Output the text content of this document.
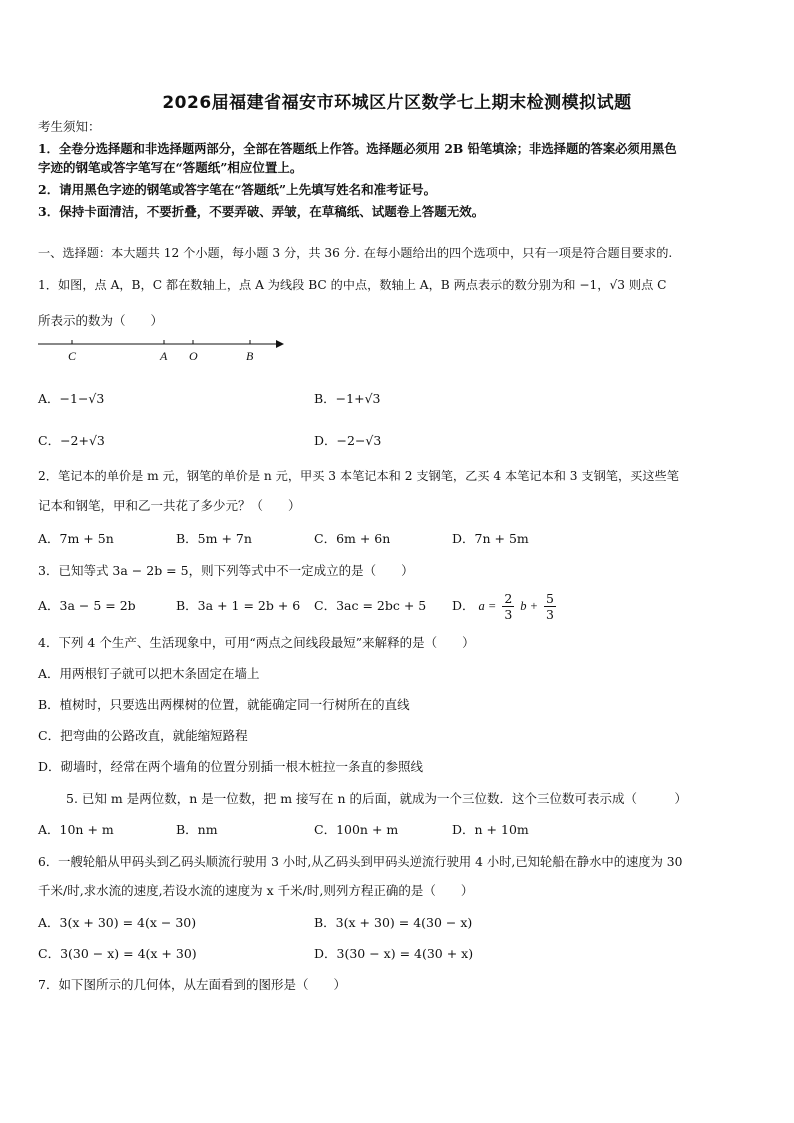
2026届福建省福安市环城区片区数学七上期末检测模拟试题
考生须知：
1．全卷分选择题和非选择题两部分，全部在答题纸上作答。选择题必须用 2B 铅笔填涂；非选择题的答案必须用黑色
字迹的钢笔或答字笔写在“答题纸”相应位置上。
2．请用黑色字迹的钢笔或答字笔在“答题纸”上先填写姓名和准考证号。
3．保持卡面清洁，不要折叠，不要弄破、弄皱，在草稿纸、试题卷上答题无效。
一、选择题：本大题共 12 个小题，每小题 3 分，共 36 分. 在每小题给出的四个选项中，只有一项是符合题目要求的.
1．如图，点 A，B，C 都在数轴上，点 A 为线段 BC 的中点，数轴上 A，B 两点表示的数分别为和 −1，√3 则点 C
所表示的数为（　　）
C	A O	B
A．−1−√3	B．−1+√3
C．−2+√3	D．−2−√3
2．笔记本的单价是 m 元，钢笔的单价是 n 元，甲买 3 本笔记本和 2 支钢笔，乙买 4 本笔记本和 3 支钢笔，买这些笔
记本和钢笔，甲和乙一共花了多少元？（　　）
A．7m + 5n	B．5m + 7n	C．6m + 6n	D．7n + 5m
3．已知等式 3a − 2b = 5，则下列等式中不一定成立的是（　　）
A．3a − 5 = 2b	B．3a + 1 = 2b + 6 C．3ac = 2bc + 5 D． $a = \frac{2}{3}$ $b + \frac{5}{3}$
4．下列 4 个生产、生活现象中，可用“两点之间线段最短”来解释的是（　　）
A．用两根钉子就可以把木条固定在墙上
B．植树时，只要选出两棵树的位置，就能确定同一行树所在的直线
C．把弯曲的公路改直，就能缩短路程
D．砌墙时，经常在两个墙角的位置分别插一根木桩拉一条直的参照线
5. 已知 m 是两位数，n 是一位数，把 m 接写在 n 的后面，就成为一个三位数．这个三位数可表示成（　　　）
A．10n + m	B．nm	C．100n + m	D．n + 10m
6．一艘轮船从甲码头到乙码头顺流行驶用 3 小时,从乙码头到甲码头逆流行驶用 4 小时,已知轮船在静水中的速度为 30
千米/时,求水流的速度,若设水流的速度为 x 千米/时,则列方程正确的是（　　）
A．3(x + 30) = 4(x − 30)	B．3(x + 30) = 4(30 − x)
C．3(30 − x) = 4(x + 30)	D．3(30 − x) = 4(30 + x)
7．如下图所示的几何体，从左面看到的图形是（　　）
